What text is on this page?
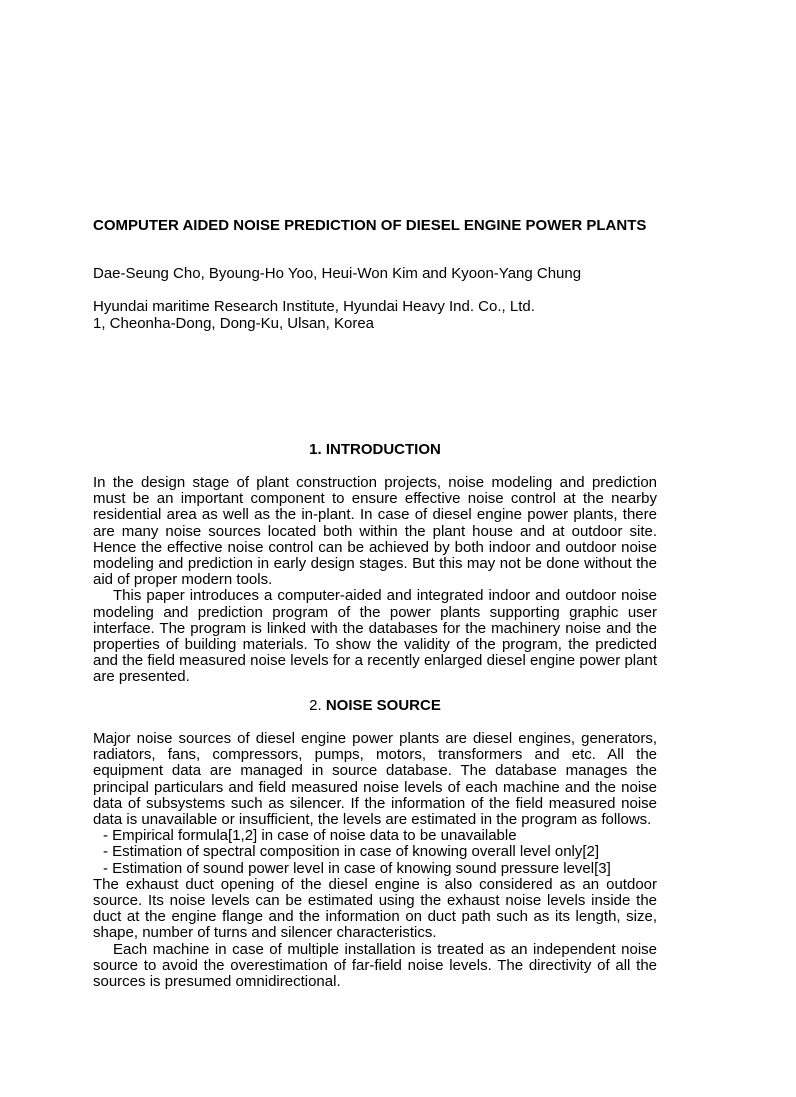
COMPUTER AIDED NOISE PREDICTION OF DIESEL ENGINE POWER PLANTS
Dae-Seung Cho, Byoung-Ho Yoo, Heui-Won Kim and Kyoon-Yang Chung
Hyundai maritime Research Institute, Hyundai Heavy Ind. Co., Ltd.
1, Cheonha-Dong, Dong-Ku, Ulsan, Korea
1. INTRODUCTION

In the design stage of plant construction projects, noise modeling and prediction must be an important component to ensure effective noise control at the nearby residential area as well as the in-plant. In case of diesel engine power plants, there are many noise sources located both within the plant house and at outdoor site. Hence the effective noise control can be achieved by both indoor and outdoor noise modeling and prediction in early design stages. But this may not be done without the aid of proper modern tools.

This paper introduces a computer-aided and integrated indoor and outdoor noise modeling and prediction program of the power plants supporting graphic user interface. The program is linked with the databases for the machinery noise and the properties of building materials. To show the validity of the program, the predicted and the field measured noise levels for a recently enlarged diesel engine power plant are presented.

2. NOISE SOURCE

Major noise sources of diesel engine power plants are diesel engines, generators, radiators, fans, compressors, pumps, motors, transformers and etc. All the equipment data are managed in source database. The database manages the principal particulars and field measured noise levels of each machine and the noise data of subsystems such as silencer. If the information of the field measured noise data is unavailable or insufficient, the levels are estimated in the program as follows.

- Empirical formula[1,2] in case of noise data to be unavailable
- Estimation of spectral composition in case of knowing overall level only[2]
- Estimation of sound power level in case of knowing sound pressure level[3]

The exhaust duct opening of the diesel engine is also considered as an outdoor source. Its noise levels can be estimated using the exhaust noise levels inside the duct at the engine flange and the information on duct path such as its length, size, shape, number of turns and silencer characteristics.

Each machine in case of multiple installation is treated as an independent noise source to avoid the overestimation of far-field noise levels. The directivity of all the sources is presumed omnidirectional.
